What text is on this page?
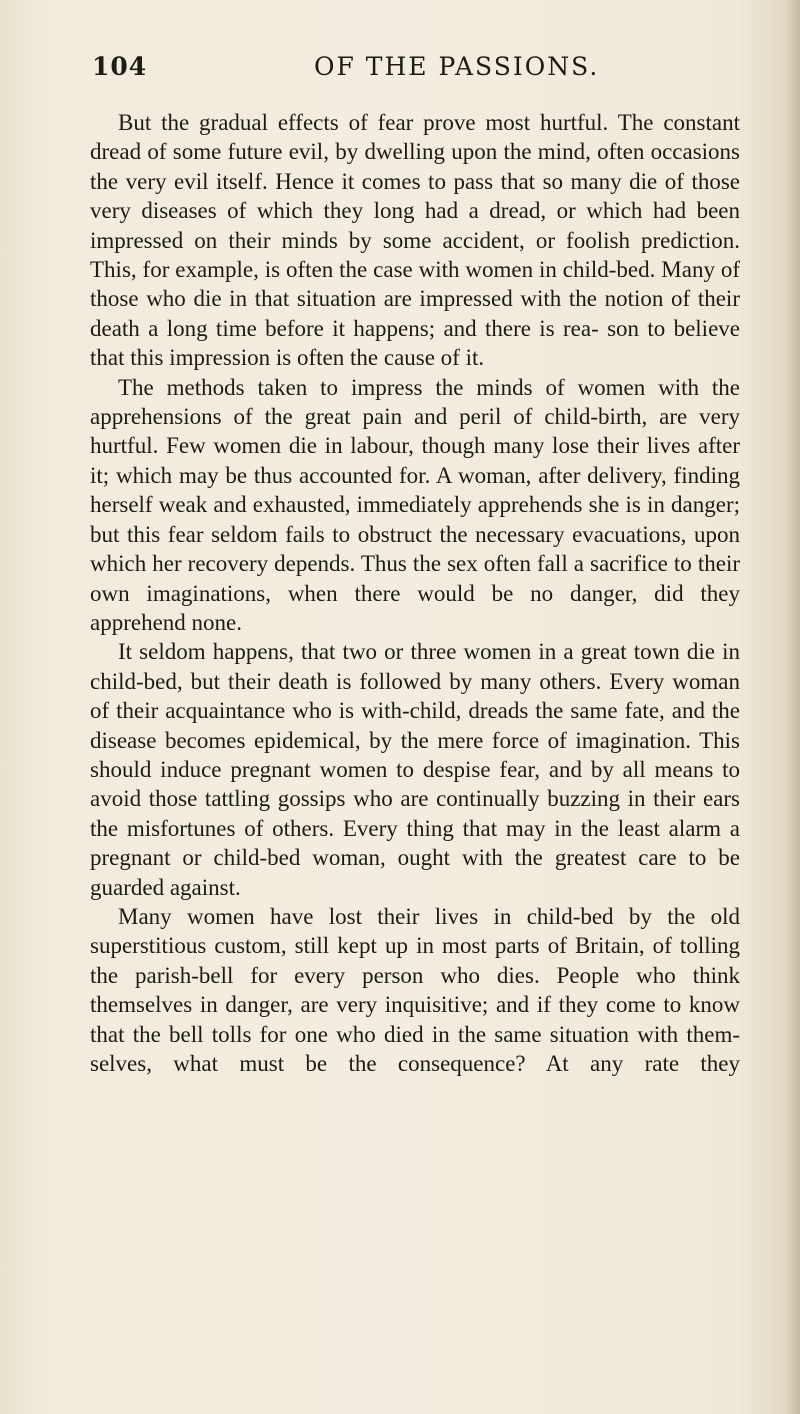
104	OF THE PASSIONS.

But the gradual effects of fear prove most hurtful. The constant dread of some future evil, by dwelling upon the mind, often occasions the very evil itself. Hence it comes to pass that so many die of those very diseases of which they long had a dread, or which had been impressed on their minds by some accident, or foolish prediction. This, for example, is often the case with women in child-bed. Many of those who die in that situation are impressed with the notion of their death a long time before it happens; and there is rea- son to believe that this impression is often the cause of it.

The methods taken to impress the minds of women with the apprehensions of the great pain and peril of child-birth, are very hurtful. Few women die in labour, though many lose their lives after it; which may be thus accounted for. A woman, after delivery, finding herself weak and exhausted, immediately apprehends she is in danger; but this fear seldom fails to obstruct the necessary evacuations, upon which her recovery depends. Thus the sex often fall a sacrifice to their own imaginations, when there would be no danger, did they apprehend none.

It seldom happens, that two or three women in a great town die in child-bed, but their death is followed by many others. Every woman of their acquaintance who is with-child, dreads the same fate, and the disease becomes epidemical, by the mere force of imagination. This should induce pregnant women to despise fear, and by all means to avoid those tattling gossips who are continually buzzing in their ears the misfortunes of others. Every thing that may in the least alarm a pregnant or child-bed woman, ought with the greatest care to be guarded against.

Many women have lost their lives in child-bed by the old superstitious custom, still kept up in most parts of Britain, of tolling the parish-bell for every person who dies. People who think themselves in danger, are very inquisitive; and if they come to know that the bell tolls for one who died in the same situation with them- selves, what must be the consequence? At any rate they
